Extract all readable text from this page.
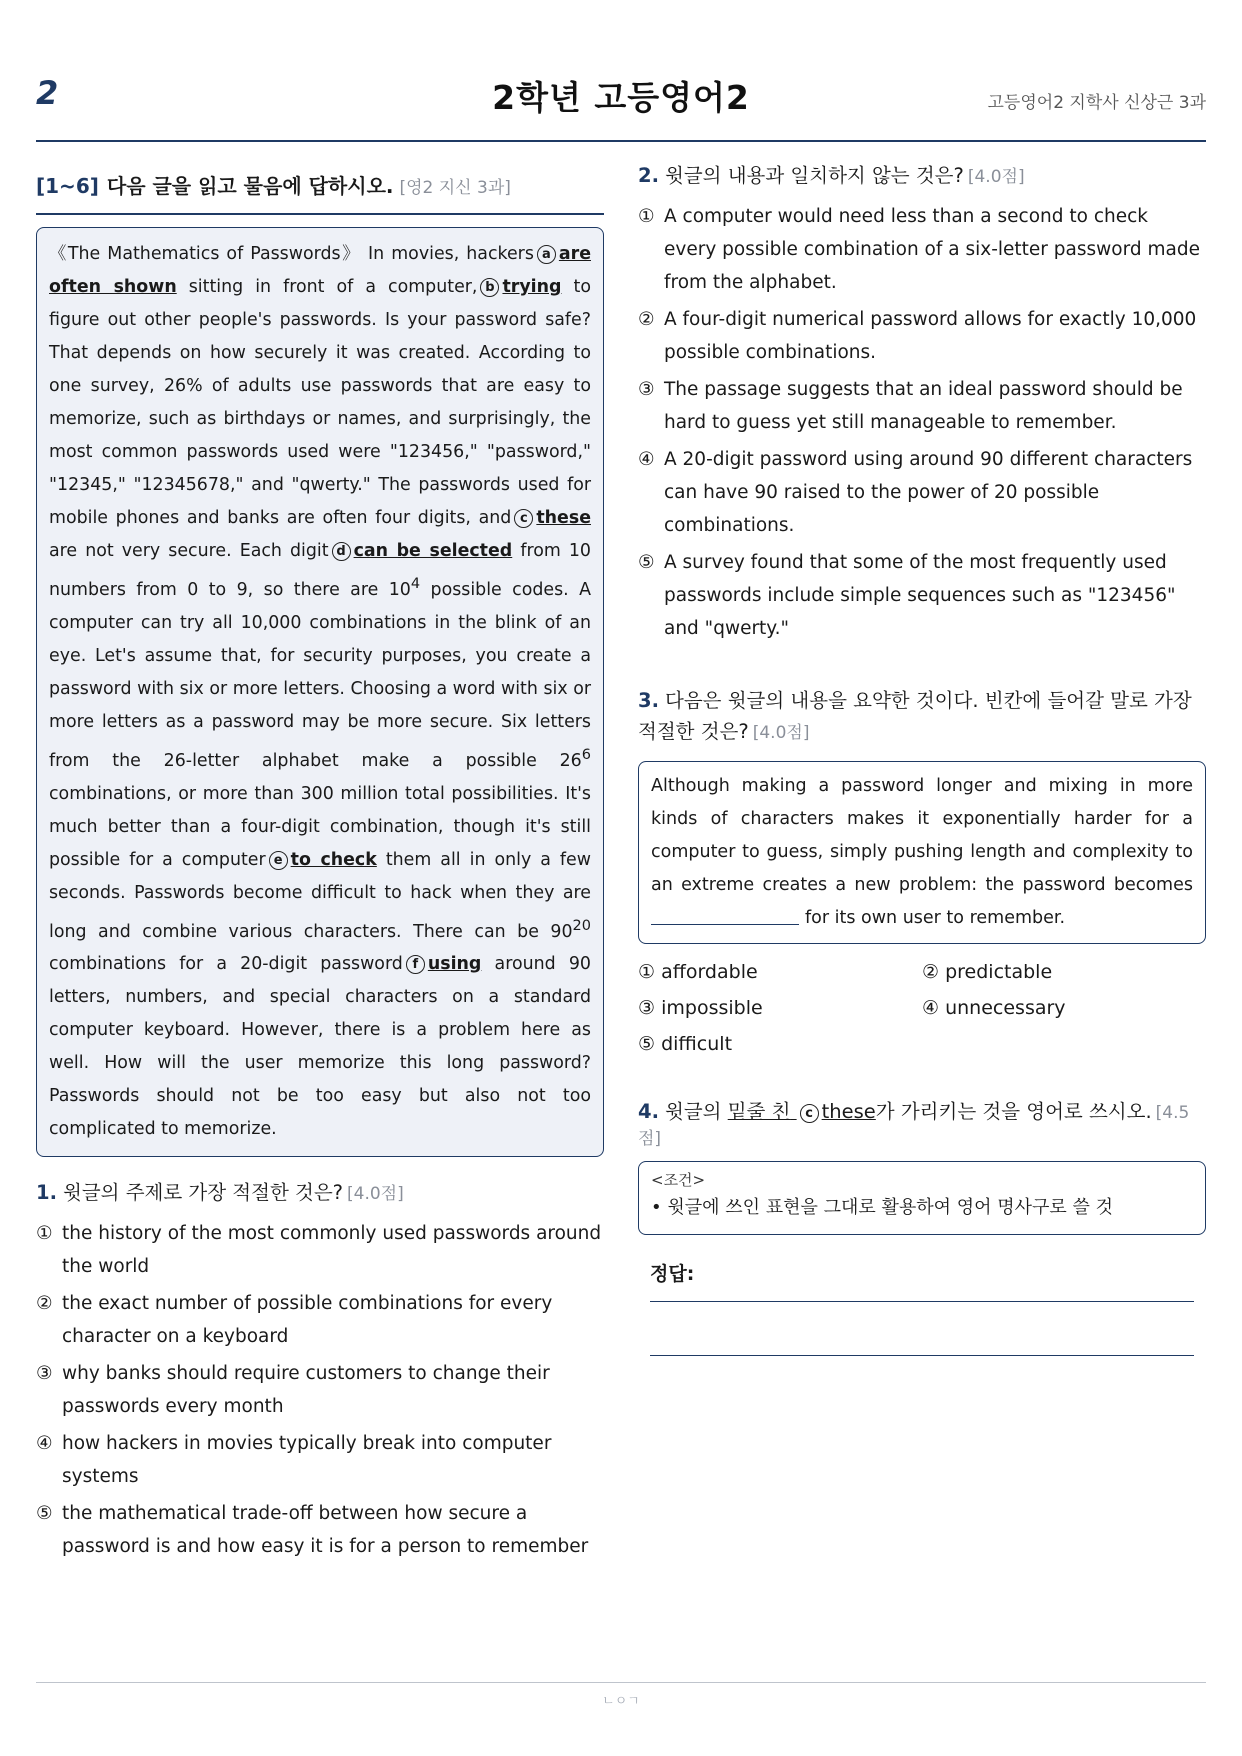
2	2학년 고등영어2	고등영어2 지학사 신상근 3과
[1~6] 다음 글을 읽고 물음에 답하시오. [영2 지신 3과]
《The Mathematics of Passwords》 In movies, hackers a are often shown sitting in front of a computer, b trying to figure out other people's passwords. Is your password safe? That depends on how securely it was created. According to one survey, 26% of adults use passwords that are easy to memorize, such as birthdays or names, and surprisingly, the most common passwords used were "123456," "password," "12345," "12345678," and "qwerty." The passwords used for mobile phones and banks are often four digits, and c these are not very secure. Each digit d can be selected from 10 numbers from 0 to 9, so there are $10^4$ possible codes. A computer can try all 10,000 combinations in the blink of an eye. Let's assume that, for security purposes, you create a password with six or more letters. Choosing a word with six or more letters as a password may be more secure. Six letters from the 26-letter alphabet make a possible $26^6$ combinations, or more than 300 million total possibilities. It's much better than a four-digit combination, though it's still possible for a computer e to check them all in only a few seconds. Passwords become difficult to hack when they are long and combine various characters. There can be $90^{20}$ combinations for a 20-digit password f using around 90 letters, numbers, and special characters on a standard computer keyboard. However, there is a problem here as well. How will the user memorize this long password? Passwords should not be too easy but also not too complicated to memorize.
1. 윗글의 주제로 가장 적절한 것은? [4.0점]
① the history of the most commonly used passwords around the world
② the exact number of possible combinations for every character on a keyboard
③ why banks should require customers to change their passwords every month
④ how hackers in movies typically break into computer systems
⑤ the mathematical trade-off between how secure a password is and how easy it is for a person to remember
2. 윗글의 내용과 일치하지 않는 것은? [4.0점]
① A computer would need less than a second to check every possible combination of a six-letter password made from the alphabet.
② A four-digit numerical password allows for exactly 10,000 possible combinations.
③ The passage suggests that an ideal password should be hard to guess yet still manageable to remember.
④ A 20-digit password using around 90 different characters can have 90 raised to the power of 20 possible combinations.
⑤ A survey found that some of the most frequently used passwords include simple sequences such as "123456" and "qwerty."
3. 다음은 윗글의 내용을 요약한 것이다. 빈칸에 들어갈 말로 가장 적절한 것은? [4.0점]
Although making a password longer and mixing in more kinds of characters makes it exponentially harder for a computer to guess, simply pushing length and complexity to an extreme creates a new problem: the password becomes for its own user to remember.
① affordable	② predictable
③ impossible	④ unnecessary
⑤ difficult
4. 윗글의 밑줄 친 c these가 가리키는 것을 영어로 쓰시오. [4.5점]
<조건>
• 윗글에 쓰인 표현을 그대로 활용하여 영어 명사구로 쓸 것
정답:
ㄴㅇㄱ
